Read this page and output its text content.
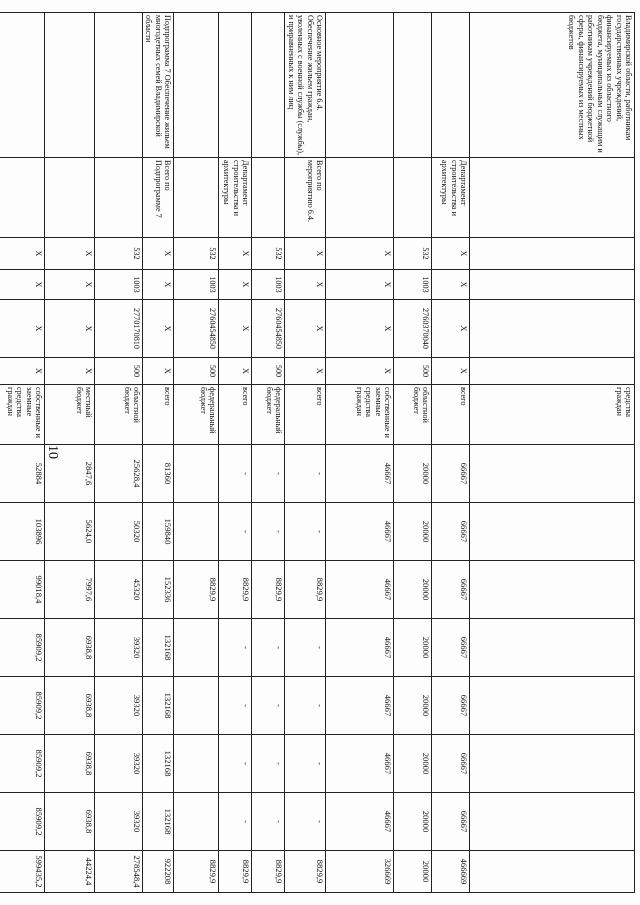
10
Владимирской области, работникам государственных учреждений, финансируемых из областного бюджета, муниципальным служащим и работникам учреждений бюджетной сферы, финансируемых из местных бюджетов						средства граждан								
	Департамент строительства и архитектуры	X	X	X	X	всего	66667	66667	66667	66667	66667	66667	66667	466669
		532	1003	2760370040	500	областной бюджет	20000	20000	20000	20000	20000	20000	20000	20000
		X	X	X	X	собственные и заемные средства граждан	46667	46667	46667	46667	46667	46667	46667	326669
Основное мероприятие 6.4. Обеспечение жильем граждан, уволенных с военной службы (службы), и приравненных к ним лиц	Всего по мероприятию 6.4.	X	X	X	X	всего	-	-	8829,9	-	-	-	-	8829,9
		532	1003	2760454850	500	федеральный бюджет	-	-	8829,9	-	-	-	-	8829,9
	Департамент строительства и архитектуры	X	X	X	X	всего	-	-	8829,9	-	-	-	-	8829,9
		532	1003	2760454850	500	федеральный бюджет			8829,9					8829,9
Подпрограмма 7 Обеспечение жильем многодетных семей Владимирской области	Всего по Подпрограмме 7	X	X	X	X	всего	81360	159840	152336	132168	132168	132168	132168	922208
		532	1003	2770170810	500	областной бюджет	25628,4	50320	45320	39320	39320	39320	39320	278548,4
		X	X	X	X	местный бюджет	2847,6	5624,0	7997,6	6938,8	6938,8	6938,8	6938,8	44224,4
		X	X	X	X	собственные и заемные средства граждан	52884	103896	99018,4	85909,2	85909,2	85909,2	85909,2	599435,2
